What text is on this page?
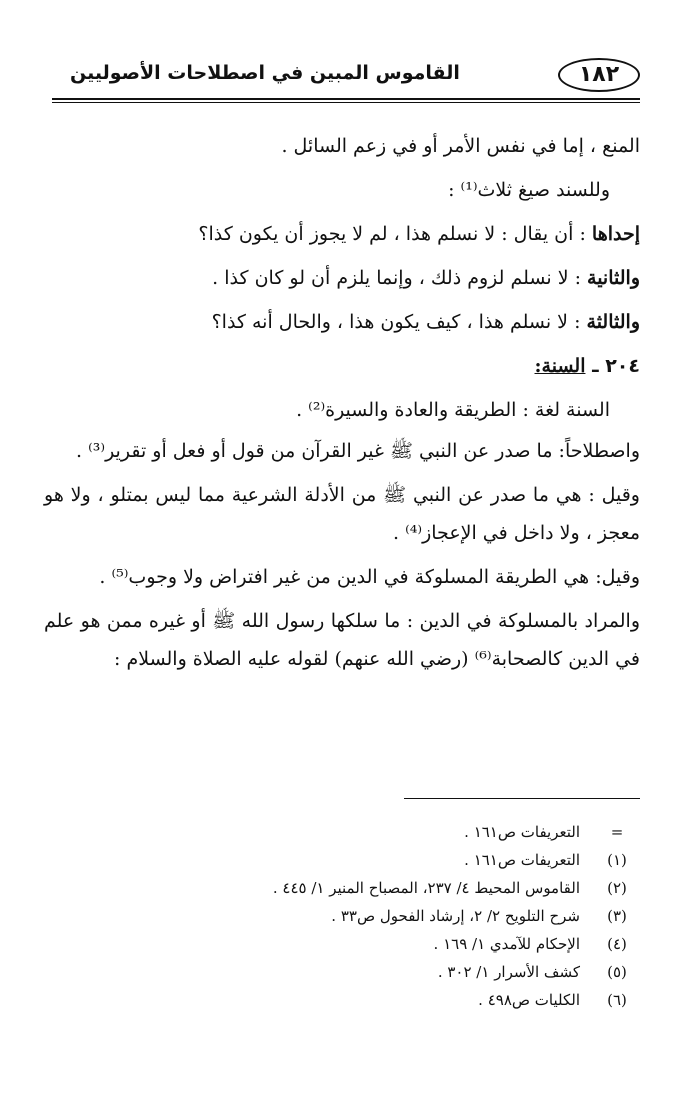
١٨٢
القاموس المبين في اصطلاحات الأصوليين

المنع ، إما في نفس الأمر أو في زعم السائل .

وللسند صيغ ثلاث⁽¹⁾ :

إحداها : أن يقال : لا نسلم هذا ، لم لا يجوز أن يكون كذا؟

والثانية : لا نسلم لزوم ذلك ، وإنما يلزم أن لو كان كذا .

والثالثة : لا نسلم هذا ، كيف يكون هذا ، والحال أنه كذا؟

٢٠٤ ـ السنة:

السنة لغة : الطريقة والعادة والسيرة⁽²⁾ .

واصطلاحاً: ما صدر عن النبي ﷺ غير القرآن من قول أو فعل أو تقرير⁽³⁾ .

وقيل : هي ما صدر عن النبي ﷺ من الأدلة الشرعية مما ليس بمتلو ، ولا هو معجز ، ولا داخل في الإعجاز⁽⁴⁾ .

وقيل: هي الطريقة المسلوكة في الدين من غير افتراض ولا وجوب⁽⁵⁾ .

والمراد بالمسلوكة في الدين : ما سلكها رسول الله ﷺ أو غيره ممن هو علم في الدين كالصحابة⁽⁶⁾ (رضي الله عنهم) لقوله عليه الصلاة والسلام :

=
التعريفات ص١٦١ .
(١)
التعريفات ص١٦١ .
(٢)
القاموس المحيط ٤/ ٢٣٧، المصباح المنير ١/ ٤٤٥ .
(٣)
شرح التلويح ٢/ ٢، إرشاد الفحول ص٣٣ .
(٤)
الإحكام للآمدي ١/ ١٦٩ .
(٥)
كشف الأسرار ١/ ٣٠٢ .
(٦)
الكليات ص٤٩٨ .
